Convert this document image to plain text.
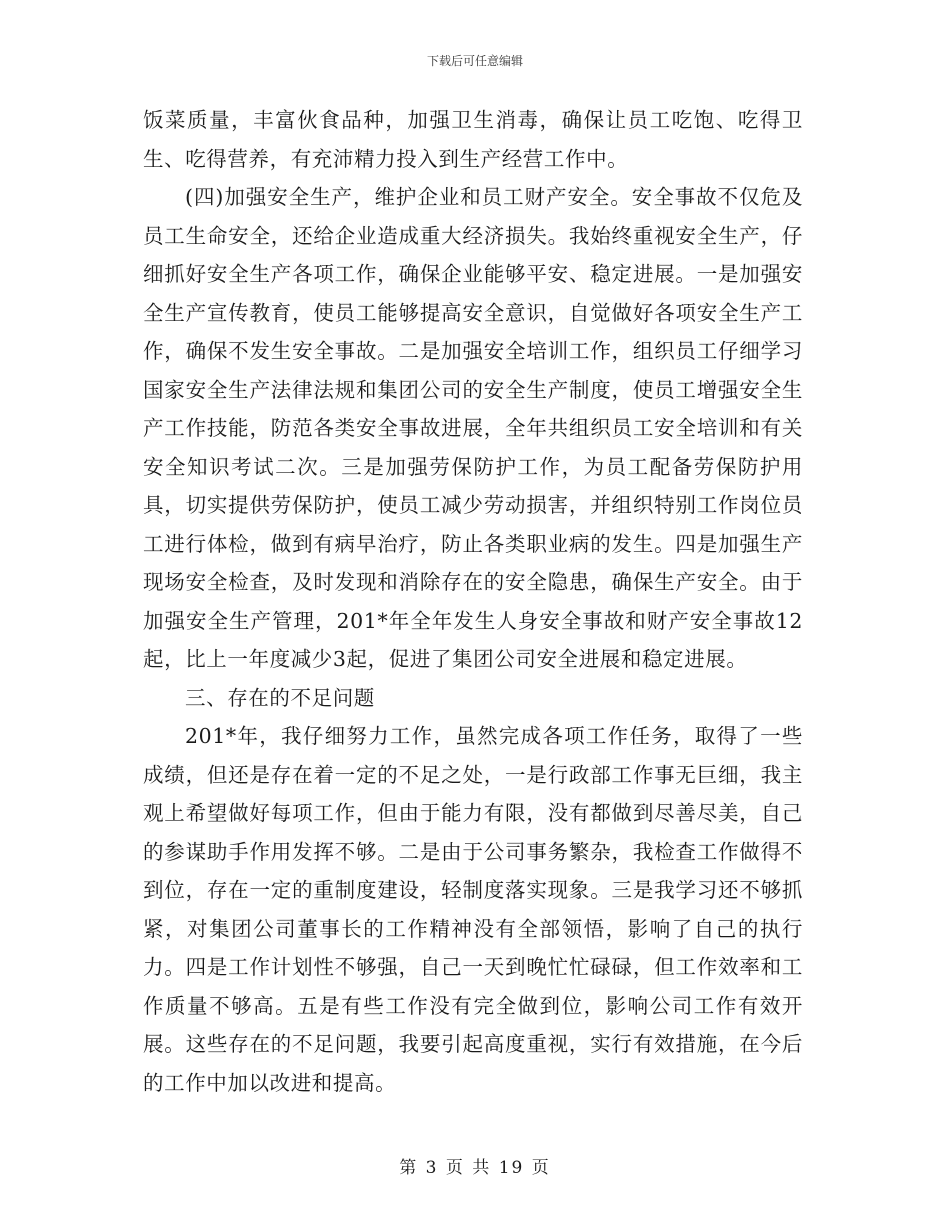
下载后可任意编辑

饭菜质量，丰富伙食品种，加强卫生消毒，确保让员工吃饱、吃得卫生、吃得营养，有充沛精力投入到生产经营工作中。

(四)加强安全生产，维护企业和员工财产安全。安全事故不仅危及员工生命安全，还给企业造成重大经济损失。我始终重视安全生产，仔细抓好安全生产各项工作，确保企业能够平安、稳定进展。一是加强安全生产宣传教育，使员工能够提高安全意识，自觉做好各项安全生产工作，确保不发生安全事故。二是加强安全培训工作，组织员工仔细学习国家安全生产法律法规和集团公司的安全生产制度，使员工增强安全生产工作技能，防范各类安全事故进展，全年共组织员工安全培训和有关安全知识考试二次。三是加强劳保防护工作，为员工配备劳保防护用具，切实提供劳保防护，使员工减少劳动损害，并组织特别工作岗位员工进行体检，做到有病早治疗，防止各类职业病的发生。四是加强生产现场安全检查，及时发现和消除存在的安全隐患，确保生产安全。由于加强安全生产管理，201*年全年发生人身安全事故和财产安全事故12起，比上一年度减少3起，促进了集团公司安全进展和稳定进展。

三、存在的不足问题

201*年，我仔细努力工作，虽然完成各项工作任务，取得了一些成绩，但还是存在着一定的不足之处，一是行政部工作事无巨细，我主观上希望做好每项工作，但由于能力有限，没有都做到尽善尽美，自己的参谋助手作用发挥不够。二是由于公司事务繁杂，我检查工作做得不到位，存在一定的重制度建设，轻制度落实现象。三是我学习还不够抓紧，对集团公司董事长的工作精神没有全部领悟，影响了自己的执行力。四是工作计划性不够强，自己一天到晚忙忙碌碌，但工作效率和工作质量不够高。五是有些工作没有完全做到位，影响公司工作有效开展。这些存在的不足问题，我要引起高度重视，实行有效措施，在今后的工作中加以改进和提高。

第 3 页 共 19 页
